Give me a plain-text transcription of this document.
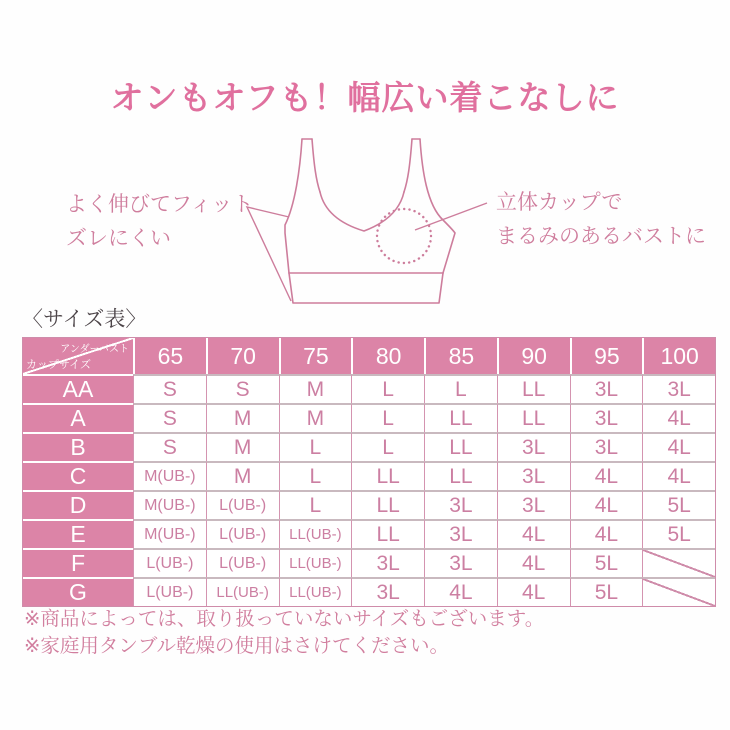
オンもオフも！幅広い着こなしに
よく伸びてフィット
ズレにくい
立体カップで
まるみのあるバストに
〈サイズ表〉
アンダーバスト
カップサイズ	65	70	75	80	85	90	95	100
AA	S	S	M	L	L	LL	3L	3L
A	S	M	M	L	LL	LL	3L	4L
B	S	M	L	L	LL	3L	3L	4L
C	M(UB-)	M	L	LL	LL	3L	4L	4L
D	M(UB-)	L(UB-)	L	LL	3L	3L	4L	5L
E	M(UB-)	L(UB-)	LL(UB-)	LL	3L	4L	4L	5L
F	L(UB-)	L(UB-)	LL(UB-)	3L	3L	4L	5L
G	L(UB-)	LL(UB-)	LL(UB-)	3L	4L	4L	5L
※商品によっては、取り扱っていないサイズもございます。
※家庭用タンブル乾燥の使用はさけてください。
